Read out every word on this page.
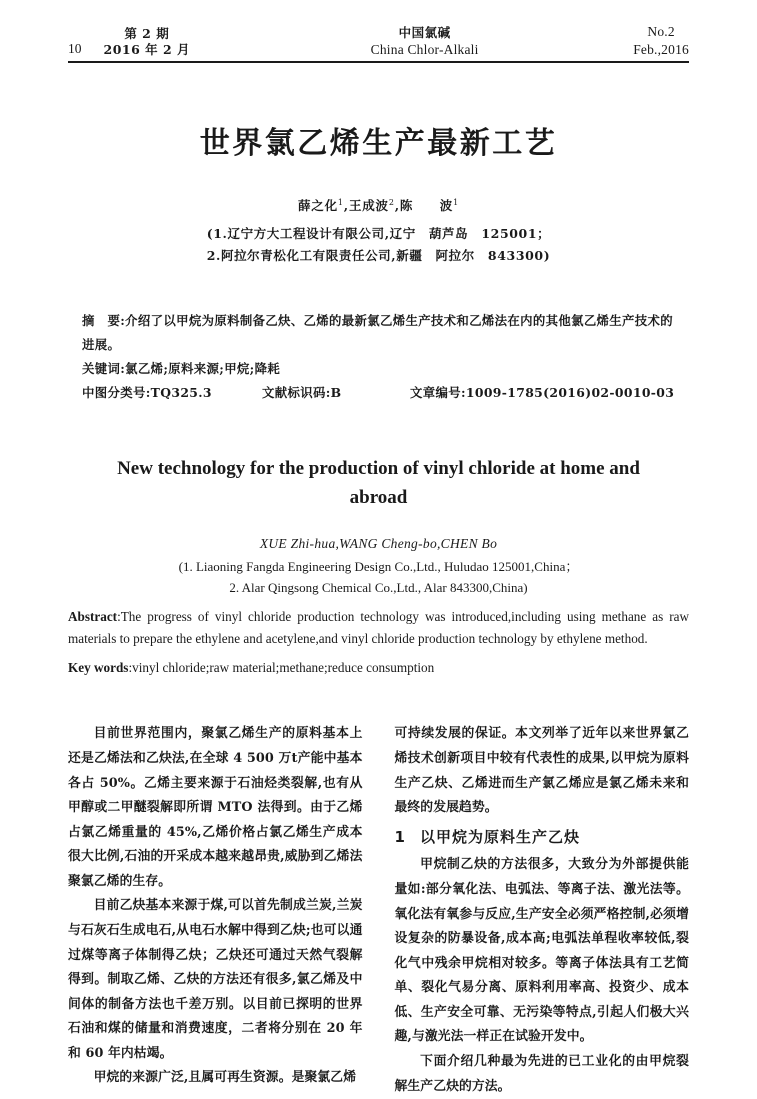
10
第 2 期
2016 年 2 月
中国氯碱
China Chlor-Alkali
No.2
Feb.,2016
世界氯乙烯生产最新工艺
薛之化$^1$,王成波$^2$,陈　　波$^1$
(1.辽宁方大工程设计有限公司,辽宁　葫芦岛　125001；
2.阿拉尔青松化工有限责任公司,新疆　阿拉尔　843300)
摘　要:介绍了以甲烷为原料制备乙炔、乙烯的最新氯乙烯生产技术和乙烯法在内的其他氯乙烯生产技术的进展。
关键词:氯乙烯;原料来源;甲烷;降耗
中图分类号:TQ325.3	文献标识码:B	文章编号:1009-1785(2016)02-0010-03
New technology for the production of vinyl chloride at home and abroad
XUE Zhi-hua,WANG Cheng-bo,CHEN Bo
(1. Liaoning Fangda Engineering Design Co.,Ltd., Huludao 125001,China；
2. Alar Qingsong Chemical Co.,Ltd., Alar 843300,China)
Abstract:The progress of vinyl chloride production technology was introduced,including using methane as raw materials to prepare the ethylene and acetylene,and vinyl chloride production technology by ethylene method.
Key words:vinyl chloride;raw material;methane;reduce consumption

目前世界范围内，聚氯乙烯生产的原料基本上还是乙烯法和乙炔法,在全球 4 500 万t产能中基本各占 50%。乙烯主要来源于石油烃类裂解,也有从甲醇或二甲醚裂解即所谓 MTO 法得到。由于乙烯占氯乙烯重量的 45%,乙烯价格占氯乙烯生产成本很大比例,石油的开采成本越来越昂贵,威胁到乙烯法聚氯乙烯的生存。

目前乙炔基本来源于煤,可以首先制成兰炭,兰炭与石灰石生成电石,从电石水解中得到乙炔;也可以通过煤等离子体制得乙炔；乙炔还可通过天然气裂解得到。制取乙烯、乙炔的方法还有很多,氯乙烯及中间体的制备方法也千差万别。以目前已探明的世界石油和煤的储量和消费速度，二者将分别在 20 年和 60 年内枯竭。

甲烷的来源广泛,且属可再生资源。是聚氯乙烯

可持续发展的保证。本文列举了近年以来世界氯乙烯技术创新项目中较有代表性的成果,以甲烷为原料生产乙炔、乙烯进而生产氯乙烯应是氯乙烯未来和最终的发展趋势。

1 以甲烷为原料生产乙炔

甲烷制乙炔的方法很多，大致分为外部提供能量如:部分氧化法、电弧法、等离子法、激光法等。氧化法有氧参与反应,生产安全必须严格控制,必须增设复杂的防暴设备,成本高;电弧法单程收率较低,裂化气中残余甲烷相对较多。等离子体法具有工艺简单、裂化气易分离、原料利用率高、投资少、成本低、生产安全可靠、无污染等特点,引起人们极大兴趣,与激光法一样正在试验开发中。

下面介绍几种最为先进的已工业化的由甲烷裂解生产乙炔的方法。
